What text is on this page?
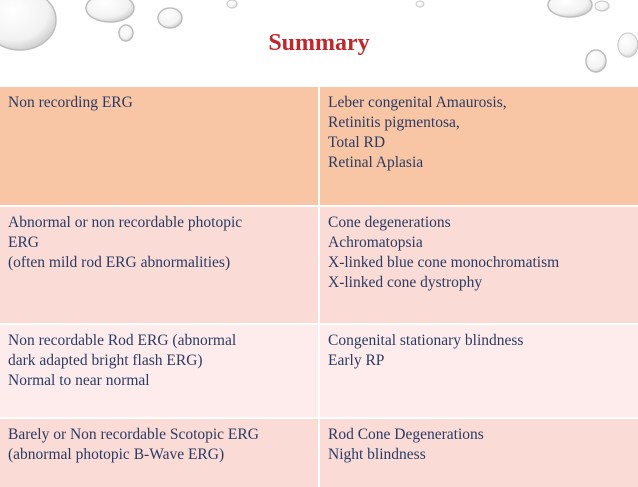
Summary
Non recording ERG	Leber congenital Amaurosis,
Retinitis pigmentosa,
Total RD
Retinal Aplasia

Abnormal or non recordable photopic
ERG
(often mild rod ERG abnormalities)	Cone degenerations
Achromatopsia
X-linked blue cone monochromatism
X-linked cone dystrophy

Non recordable Rod ERG (abnormal
dark adapted bright flash ERG)
Normal to near normal	Congenital stationary blindness
Early RP

Barely or Non recordable Scotopic ERG
(abnormal photopic B-Wave ERG)	Rod Cone Degenerations
Night blindness
